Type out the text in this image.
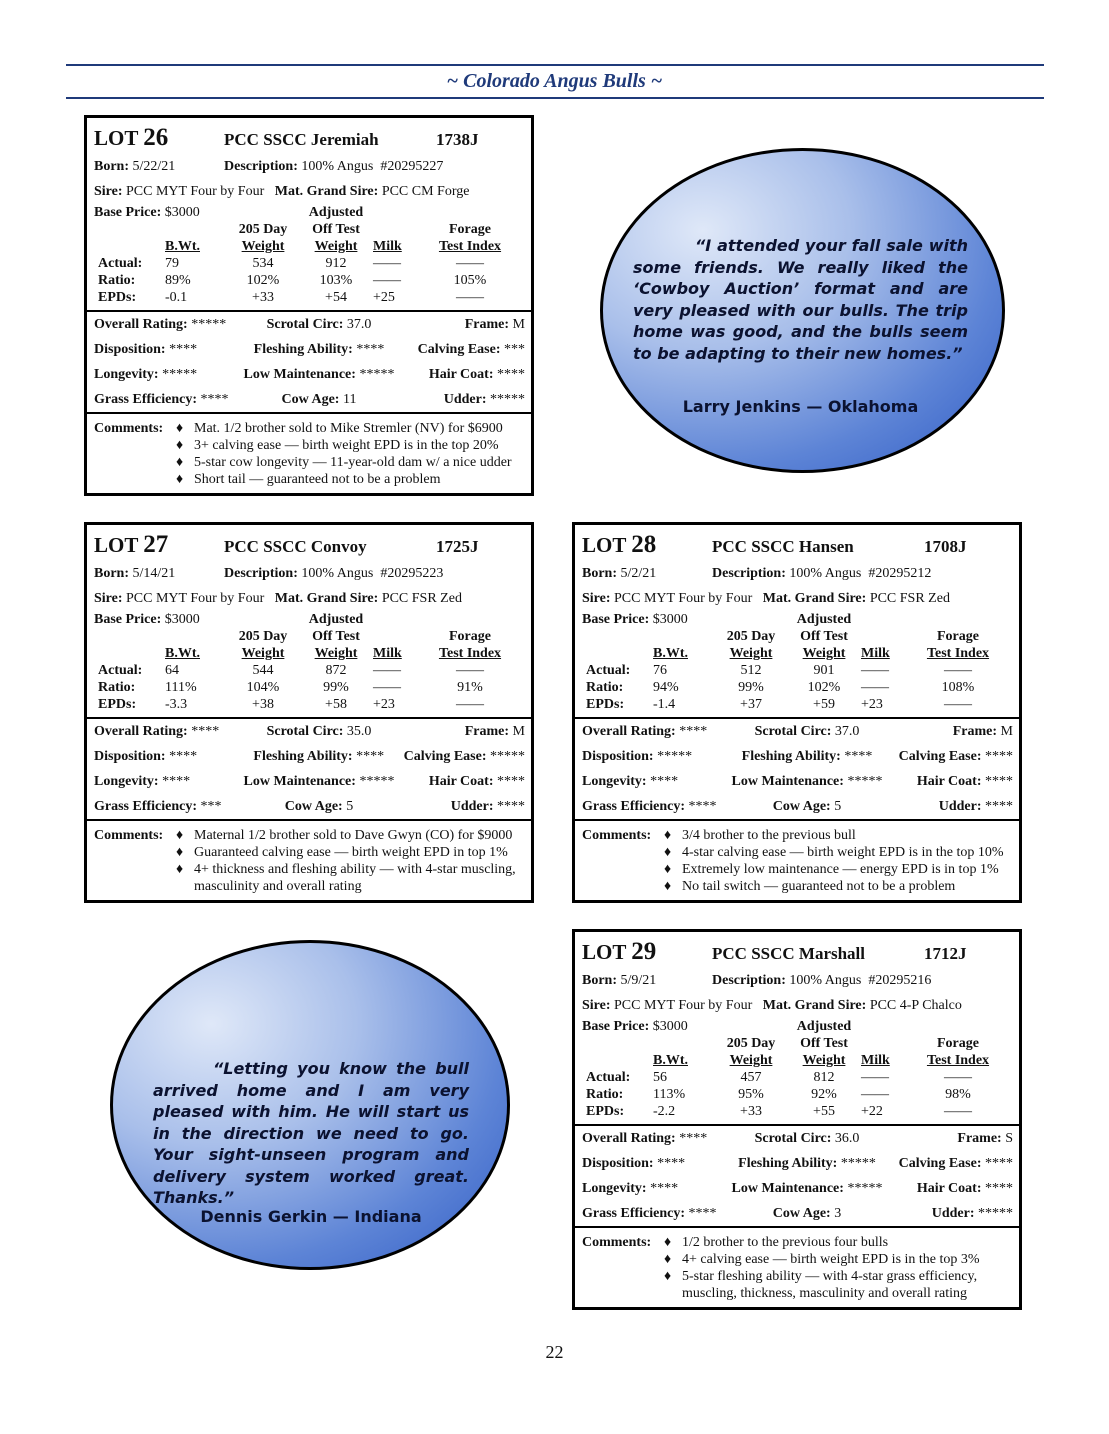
~ Colorado Angus Bulls ~
LOT 26	PCC SSCC Jeremiah	1738J
Born: 5/22/21	Description: 100% Angus  #20295227
Sire: PCC MYT Four by Four Mat. Grand Sire: PCC CM Forge
Base Price: $3000			Adjusted		
		205 Day	Off Test		Forage
	B.Wt.	Weight	Weight	Milk	Test Index
Actual:	79	534	912	——	——
Ratio:	89%	102%	103%	——	105%
EPDs:	-0.1	+33	+54	+25	——
Overall Rating: *****	Scrotal Circ: 37.0	Frame: M
Disposition: ****	Fleshing Ability: ****	Calving Ease: ***
Longevity: *****	Low Maintenance: *****	Hair Coat: ****
Grass Efficiency: ****	Cow Age: 11	Udder: *****
Comments: ♦ Mat. 1/2 brother sold to Mike Stremler (NV) for $6900
♦ 3+ calving ease — birth weight EPD is in the top 20%
♦ 5-star cow longevity — 11-year-old dam w/ a nice udder
♦ Short tail — guaranteed not to be a problem
LOT 27	PCC SSCC Convoy	1725J
Born: 5/14/21	Description: 100% Angus  #20295223
Sire: PCC MYT Four by Four Mat. Grand Sire: PCC FSR Zed
Base Price: $3000			Adjusted		
		205 Day	Off Test		Forage
	B.Wt.	Weight	Weight	Milk	Test Index
Actual:	64	544	872	——	——
Ratio:	111%	104%	99%	——	91%
EPDs:	-3.3	+38	+58	+23	——
Overall Rating: ****	Scrotal Circ: 35.0	Frame: M
Disposition: ****	Fleshing Ability: ****	Calving Ease: *****
Longevity: ****	Low Maintenance: *****	Hair Coat: ****
Grass Efficiency: ***	Cow Age: 5	Udder: ****
Comments: ♦ Maternal 1/2 brother sold to Dave Gwyn (CO) for $9000
♦ Guaranteed calving ease — birth weight EPD in top 1%
♦ 4+ thickness and fleshing ability — with 4-star muscling, masculinity and overall rating
LOT 28	PCC SSCC Hansen	1708J
Born: 5/2/21	Description: 100% Angus  #20295212
Sire: PCC MYT Four by Four Mat. Grand Sire: PCC FSR Zed
Base Price: $3000			Adjusted		
		205 Day	Off Test		Forage
	B.Wt.	Weight	Weight	Milk	Test Index
Actual:	76	512	901	——	——
Ratio:	94%	99%	102%	——	108%
EPDs:	-1.4	+37	+59	+23	——
Overall Rating: ****	Scrotal Circ: 37.0	Frame: M
Disposition: *****	Fleshing Ability: ****	Calving Ease: ****
Longevity: ****	Low Maintenance: *****	Hair Coat: ****
Grass Efficiency: ****	Cow Age: 5	Udder: ****
Comments: ♦ 3/4 brother to the previous bull
♦ 4-star calving ease — birth weight EPD is in the top 10%
♦ Extremely low maintenance — energy EPD is in top 1%
♦ No tail switch — guaranteed not to be a problem
LOT 29	PCC SSCC Marshall	1712J
Born: 5/9/21	Description: 100% Angus  #20295216
Sire: PCC MYT Four by Four Mat. Grand Sire: PCC 4-P Chalco
Base Price: $3000			Adjusted		
		205 Day	Off Test		Forage
	B.Wt.	Weight	Weight	Milk	Test Index
Actual:	56	457	812	——	——
Ratio:	113%	95%	92%	——	98%
EPDs:	-2.2	+33	+55	+22	——
Overall Rating: ****	Scrotal Circ: 36.0	Frame: S
Disposition: ****	Fleshing Ability: *****	Calving Ease: ****
Longevity: ****	Low Maintenance: *****	Hair Coat: ****
Grass Efficiency: ****	Cow Age: 3	Udder: *****
Comments: ♦ 1/2 brother to the previous four bulls
♦ 4+ calving ease — birth weight EPD is in the top 3%
♦ 5-star fleshing ability — with 4-star grass efficiency, muscling, thickness, masculinity and overall rating
“I attended your fall sale with some friends. We really liked the ‘Cowboy Auction’ format and are very pleased with our bulls. The trip home was good, and the bulls seem to be adapting to their new homes.”
Larry Jenkins — Oklahoma
“Letting you know the bull arrived home and I am very pleased with him. He will start us in the direction we need to go. Your sight-unseen program and delivery system worked great. Thanks.”
Dennis Gerkin — Indiana
22
